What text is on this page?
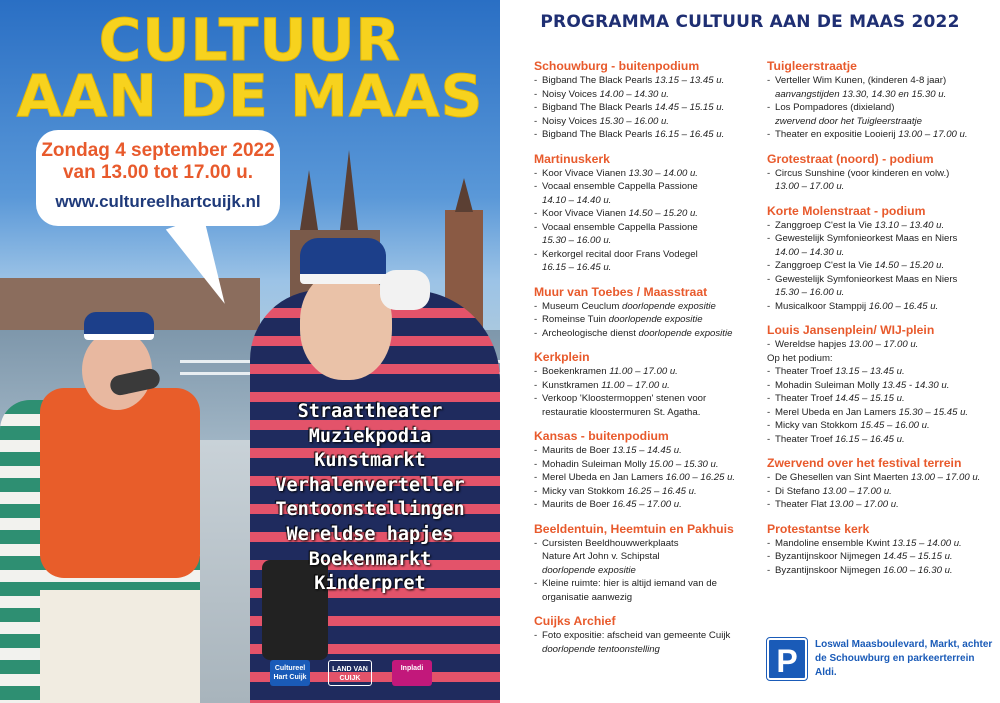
CULTUUR
AAN DE MAAS
Zondag 4 september 2022
van 13.00 tot 17.00 u.
www.cultureelhartcuijk.nl
Straattheater
Muziekpodia
Kunstmarkt
Verhalenverteller
Tentoonstellingen
Wereldse hapjes
Boekenmarkt
Kinderpret
Cultureel Hart Cuijk
LAND VAN CUIJK
Inpladi
PROGRAMMA CULTUUR AAN DE MAAS 2022
Schouwburg - buitenpodium
- Bigband The Black Pearls 13.15 – 13.45 u.
- Noisy Voices 14.00 – 14.30 u.
- Bigband The Black Pearls 14.45 – 15.15 u.
- Noisy Voices 15.30 – 16.00 u.
- Bigband The Black Pearls 16.15 – 16.45 u.
Martinuskerk
- Koor Vivace Vianen 13.30 – 14.00 u.
- Vocaal ensemble Cappella Passione
14.10 – 14.40 u.
- Koor Vivace Vianen 14.50 – 15.20 u.
- Vocaal ensemble Cappella Passione
15.30 – 16.00 u.
- Kerkorgel recital door Frans Vodegel
16.15 – 16.45 u.
Muur van Toebes / Maasstraat
- Museum Ceuclum doorlopende expositie
- Romeinse Tuin doorlopende expositie
- Archeologische dienst doorlopende expositie
Kerkplein
- Boekenkramen 11.00 – 17.00 u.
- Kunstkramen 11.00 – 17.00 u.
- Verkoop 'Kloostermoppen' stenen voor
restauratie kloostermuren St. Agatha.
Kansas - buitenpodium
- Maurits de Boer 13.15 – 14.45 u.
- Mohadin Suleiman Molly 15.00 – 15.30 u.
- Merel Ubeda en Jan Lamers 16.00 – 16.25 u.
- Micky van Stokkom 16.25 – 16.45 u.
- Maurits de Boer 16.45 – 17.00 u.
Beeldentuin, Heemtuin en Pakhuis
- Cursisten Beeldhouwwerkplaats
Nature Art John v. Schipstal
doorlopende expositie
- Kleine ruimte: hier is altijd iemand van de
organisatie aanwezig
Cuijks Archief
- Foto expositie: afscheid van gemeente Cuijk
doorlopende tentoonstelling
Tuigleerstraatje
- Verteller Wim Kunen, (kinderen 4-8 jaar)
aanvangstijden 13.30, 14.30 en 15.30 u.
- Los Pompadores (dixieland)
zwervend door het Tuigleerstraatje
- Theater en expositie Looierij 13.00 – 17.00 u.
Grotestraat (noord) - podium
- Circus Sunshine (voor kinderen en volw.)
13.00 – 17.00 u.
Korte Molenstraat - podium
- Zanggroep C'est la Vie 13.10 – 13.40 u.
- Gewestelijk Symfonieorkest Maas en Niers
14.00 – 14.30 u.
- Zanggroep C'est la Vie 14.50 – 15.20 u.
- Gewestelijk Symfonieorkest Maas en Niers
15.30 – 16.00 u.
- Musicalkoor Stamppij 16.00 – 16.45 u.
Louis Jansenplein/ WIJ-plein
- Wereldse hapjes 13.00 – 17.00 u.
Op het podium:
- Theater Troef 13.15 – 13.45 u.
- Mohadin Suleiman Molly 13.45 - 14.30 u.
- Theater Troef 14.45 – 15.15 u.
- Merel Ubeda en Jan Lamers 15.30 – 15.45 u.
- Micky van Stokkom 15.45 – 16.00 u.
- Theater Troef 16.15 – 16.45 u.
Zwervend over het festival terrein
- De Ghesellen van Sint Maerten 13.00 – 17.00 u.
- Di Stefano 13.00 – 17.00 u.
- Theater Flat 13.00 – 17.00 u.
Protestantse kerk
- Mandoline ensemble Kwint 13.15 – 14.00 u.
- Byzantijnskoor Nijmegen 14.45 – 15.15 u.
- Byzantijnskoor Nijmegen 16.00 – 16.30 u.
P	Loswal Maasboulevard, Markt, achter de Schouwburg en parkeerterrein Aldi.
